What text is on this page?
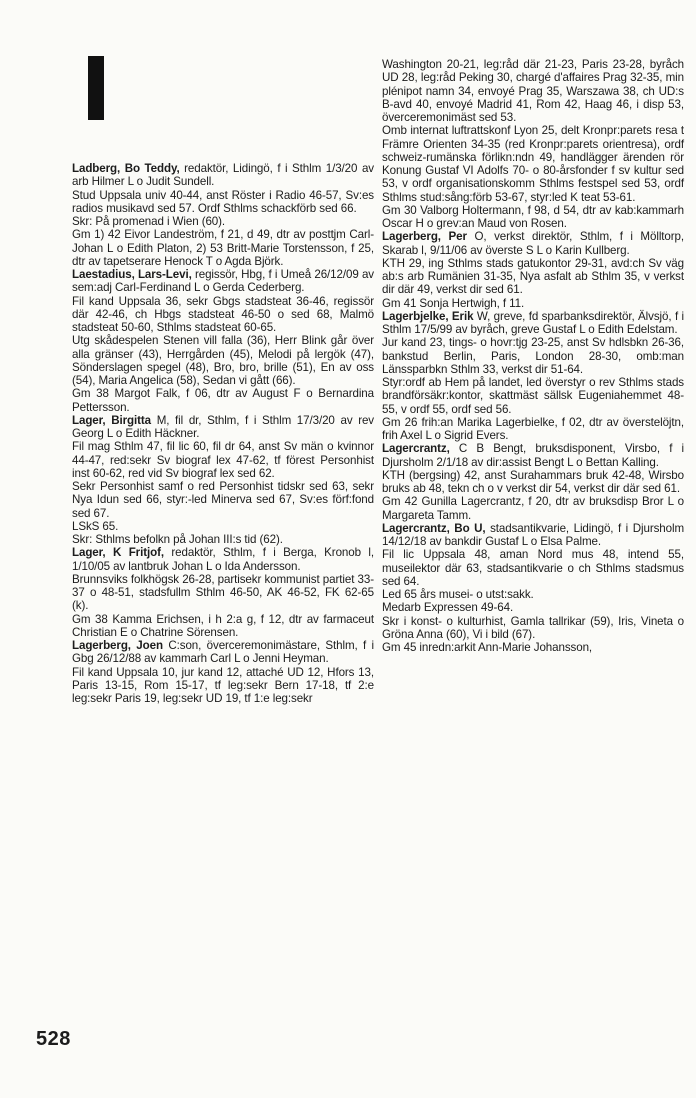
Ladberg, Bo Teddy, redaktör, Lidingö, f i Sthlm 1/3/20 av arb Hilmer L o Judit Sundell.

Stud Uppsala univ 40-44, anst Röster i Radio 46-57, Sv:es radios musikavd sed 57. Ordf Sthlms schackförb sed 66.

Skr: På promenad i Wien (60).

Gm 1) 42 Eivor Landeström, f 21, d 49, dtr av posttjm Carl-Johan L o Edith Platon, 2) 53 Britt-Marie Torstensson, f 25, dtr av tapetserare Henock T o Agda Björk.

Laestadius, Lars-Levi, regissör, Hbg, f i Umeå 26/12/09 av sem:adj Carl-Ferdinand L o Gerda Cederberg.

Fil kand Uppsala 36, sekr Gbgs stadsteat 36-46, regissör där 42-46, ch Hbgs stadsteat 46-50 o sed 68, Malmö stadsteat 50-60, Sthlms stadsteat 60-65.

Utg skådespelen Stenen vill falla (36), Herr Blink går över alla gränser (43), Herrgården (45), Melodi på lergök (47), Sönderslagen spegel (48), Bro, bro, brille (51), En av oss (54), Maria Angelica (58), Sedan vi gått (66).

Gm 38 Margot Falk, f 06, dtr av August F o Bernardina Pettersson.

Lager, Birgitta M, fil dr, Sthlm, f i Sthlm 17/3/20 av rev Georg L o Edith Häckner.

Fil mag Sthlm 47, fil lic 60, fil dr 64, anst Sv män o kvinnor 44-47, red:sekr Sv biograf lex 47-62, tf förest Personhist inst 60-62, red vid Sv biograf lex sed 62.

Sekr Personhist samf o red Personhist tidskr sed 63, sekr Nya Idun sed 66, styr:-led Minerva sed 67, Sv:es förf:fond sed 67.

LSkS 65.

Skr: Sthlms befolkn på Johan III:s tid (62).

Lager, K Fritjof, redaktör, Sthlm, f i Berga, Kronob l, 1/10/05 av lantbruk Johan L o Ida Andersson.

Brunnsviks folkhögsk 26-28, partisekr kommunist partiet 33-37 o 48-51, stadsfullm Sthlm 46-50, AK 46-52, FK 62-65 (k).

Gm 38 Kamma Erichsen, i h 2:a g, f 12, dtr av farmaceut Christian E o Chatrine Sörensen.

Lagerberg, Joen C:son, överceremonimästare, Sthlm, f i Gbg 26/12/88 av kammarh Carl L o Jenni Heyman.

Fil kand Uppsala 10, jur kand 12, attaché UD 12, Hfors 13, Paris 13-15, Rom 15-17, tf leg:sekr Bern 17-18, tf 2:e leg:sekr Paris 19, leg:sekr UD 19, tf 1:e leg:sekr

Washington 20-21, leg:råd där 21-23, Paris 23-28, byråch UD 28, leg:råd Peking 30, chargé d'affaires Prag 32-35, min plénipot namn 34, envoyé Prag 35, Warszawa 38, ch UD:s B-avd 40, envoyé Madrid 41, Rom 42, Haag 46, i disp 53, överceremonimäst sed 53.

Omb internat luftrattskonf Lyon 25, delt Kronpr:parets resa t Främre Orienten 34-35 (red Kronpr:parets orientresa), ordf schweiz-rumänska förlikn:ndn 49, handlägger ärenden rör Konung Gustaf VI Adolfs 70- o 80-årsfonder f sv kultur sed 53, v ordf organisationskomm Sthlms festspel sed 53, ordf Sthlms stud:sång:förb 53-67, styr:led K teat 53-61.

Gm 30 Valborg Holtermann, f 98, d 54, dtr av kab:kammarh Oscar H o grev:an Maud von Rosen.

Lagerberg, Per O, verkst direktör, Sthlm, f i Mölltorp, Skarab l, 9/11/06 av överste S L o Karin Kullberg.

KTH 29, ing Sthlms stads gatukontor 29-31, avd:ch Sv väg ab:s arb Rumänien 31-35, Nya asfalt ab Sthlm 35, v verkst dir där 49, verkst dir sed 61.

Gm 41 Sonja Hertwigh, f 11.

Lagerbjelke, Erik W, greve, fd sparbanksdirektör, Älvsjö, f i Sthlm 17/5/99 av byråch, greve Gustaf L o Edith Edelstam.

Jur kand 23, tings- o hovr:tjg 23-25, anst Sv hdlsbkn 26-36, bankstud Berlin, Paris, London 28-30, omb:man Länssparbkn Sthlm 33, verkst dir 51-64.

Styr:ordf ab Hem på landet, led överstyr o rev Sthlms stads brandförsäkr:kontor, skattmäst sällsk Eugeniahemmet 48-55, v ordf 55, ordf sed 56.

Gm 26 frih:an Marika Lagerbielke, f 02, dtr av överstelöjtn, frih Axel L o Sigrid Evers.

Lagercrantz, C B Bengt, bruksdisponent, Virsbo, f i Djursholm 2/1/18 av dir:assist Bengt L o Bettan Kalling.

KTH (bergsing) 42, anst Surahammars bruk 42-48, Wirsbo bruks ab 48, tekn ch o v verkst dir 54, verkst dir där sed 61.

Gm 42 Gunilla Lagercrantz, f 20, dtr av bruksdisp Bror L o Margareta Tamm.

Lagercrantz, Bo U, stadsantikvarie, Lidingö, f i Djursholm 14/12/18 av bankdir Gustaf L o Elsa Palme.

Fil lic Uppsala 48, aman Nord mus 48, intend 55, museilektor där 63, stadsantikvarie o ch Sthlms stadsmus sed 64.

Led 65 års musei- o utst:sakk.

Medarb Expressen 49-64.

Skr i konst- o kulturhist, Gamla tallrikar (59), Iris, Vineta o Gröna Anna (60), Vi i bild (67).

Gm 45 inredn:arkit Ann-Marie Johansson,

528
